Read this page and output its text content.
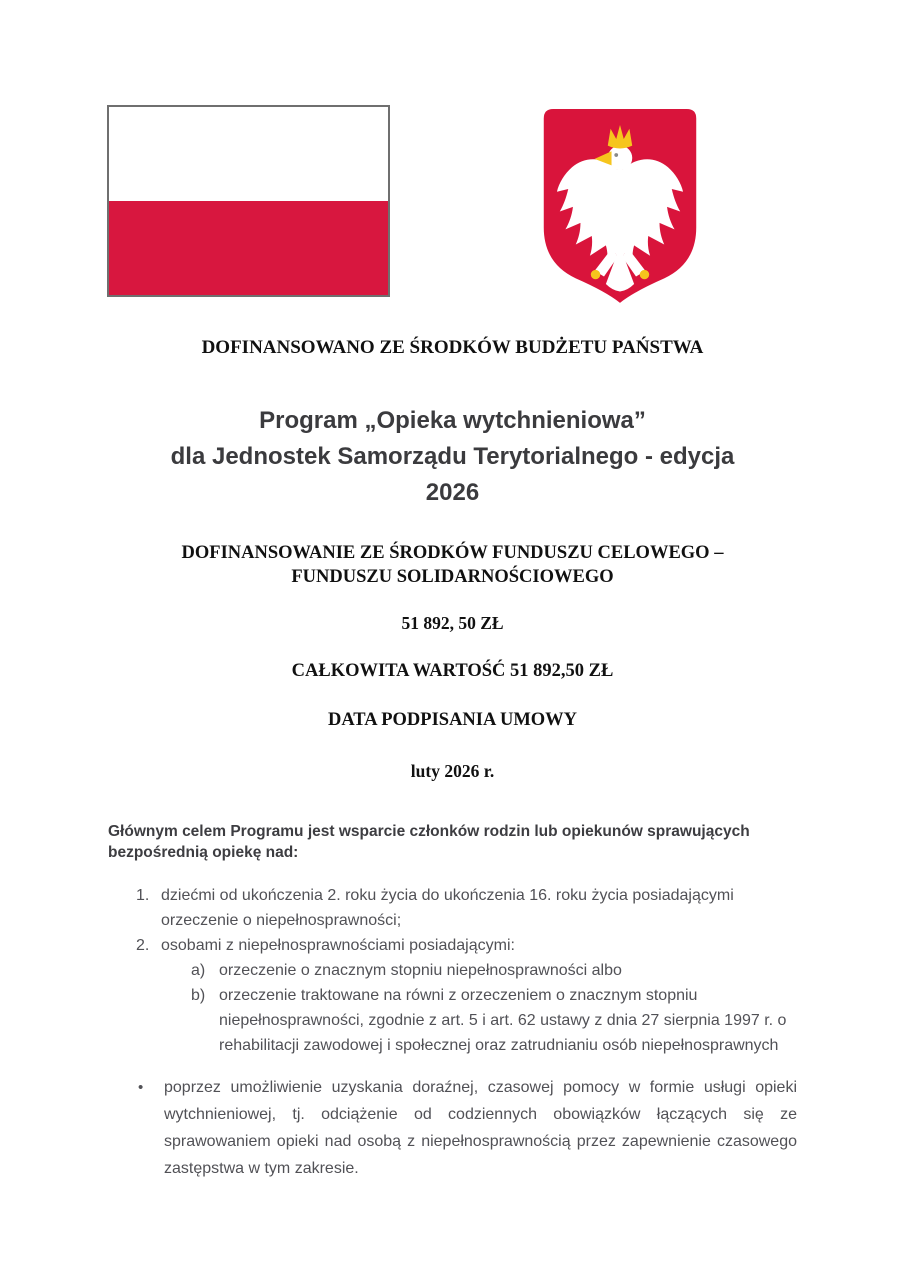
DOFINANSOWANO ZE ŚRODKÓW BUDŻETU PAŃSTWA
Program „Opieka wytchnieniowa”
dla Jednostek Samorządu Terytorialnego - edycja
2026
DOFINANSOWANIE ZE ŚRODKÓW FUNDUSZU CELOWEGO –
FUNDUSZU SOLIDARNOŚCIOWEGO
51 892, 50 ZŁ
CAŁKOWITA WARTOŚĆ 51 892,50 ZŁ
DATA PODPISANIA UMOWY
luty 2026 r.

Głównym celem Programu jest wsparcie członków rodzin lub opiekunów sprawujących bezpośrednią opiekę nad:

1. dziećmi od ukończenia 2. roku życia do ukończenia 16. roku życia posiadającymi orzeczenie o niepełnosprawności;
2. osobami z niepełnosprawnościami posiadającymi:
a) orzeczenie o znacznym stopniu niepełnosprawności albo
b) orzeczenie traktowane na równi z orzeczeniem o znacznym stopniu niepełnosprawności, zgodnie z art. 5 i art. 62 ustawy z dnia 27 sierpnia 1997 r. o rehabilitacji zawodowej i społecznej oraz zatrudnianiu osób niepełnosprawnych
•	poprzez umożliwienie uzyskania doraźnej, czasowej pomocy w formie usługi opieki wytchnieniowej, tj. odciążenie od codziennych obowiązków łączących się ze sprawowaniem opieki nad osobą z niepełnosprawnością przez zapewnienie czasowego zastępstwa w tym zakresie.
